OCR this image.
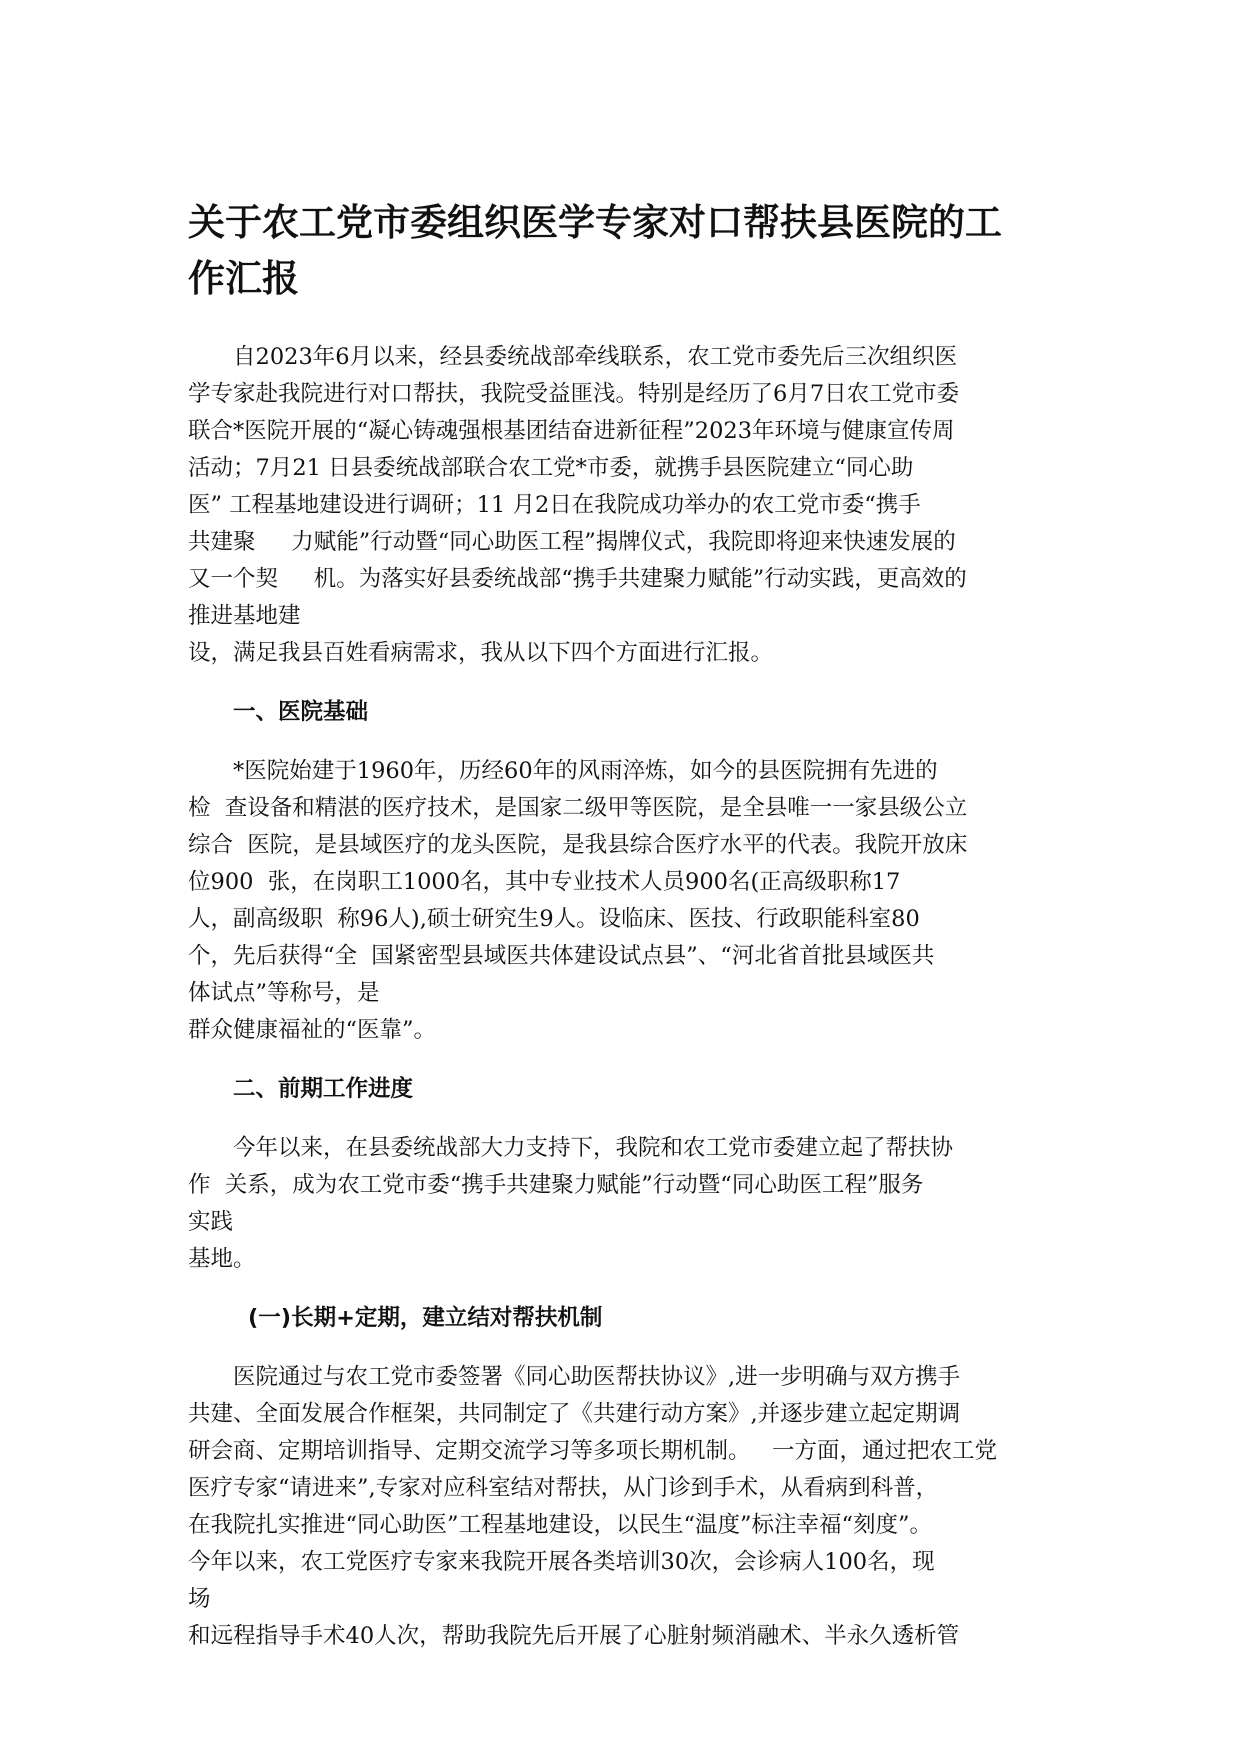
关于农工党市委组织医学专家对口帮扶县医院的工
作汇报

自2023年6月以来，经县委统战部牵线联系，农工党市委先后三次组织医

学专家赴我院进行对口帮扶，我院受益匪浅。特别是经历了6月7日农工党市委

联合*医院开展的“凝心铸魂强根基团结奋进新征程”2023年环境与健康宣传周

活动；7月21 日县委统战部联合农工党*市委，就携手县医院建立“同心助

医” 工程基地建设进行调研；11 月2日在我院成功举办的农工党市委“携手

共建聚     力赋能”行动暨“同心助医工程”揭牌仪式，我院即将迎来快速发展的

又一个契     机。为落实好县委统战部“携手共建聚力赋能”行动实践，更高效的

推进基地建

设，满足我县百姓看病需求，我从以下四个方面进行汇报。

一、医院基础

*医院始建于1960年，历经60年的风雨淬炼，如今的县医院拥有先进的

检  查设备和精湛的医疗技术，是国家二级甲等医院，是全县唯一一家县级公立

综合  医院，是县域医疗的龙头医院，是我县综合医疗水平的代表。我院开放床

位900  张，在岗职工1000名，其中专业技术人员900名(正高级职称17

人，副高级职  称96人),硕士研究生9人。设临床、医技、行政职能科室80

个，先后获得“全  国紧密型县域医共体建设试点县”、“河北省首批县域医共

体试点”等称号，是

群众健康福祉的“医靠”。

二、前期工作进度

今年以来，在县委统战部大力支持下，我院和农工党市委建立起了帮扶协

作  关系，成为农工党市委“携手共建聚力赋能”行动暨“同心助医工程”服务

实践

基地。

(一)长期+定期，建立结对帮扶机制

医院通过与农工党市委签署《同心助医帮扶协议》,进一步明确与双方携手

共建、全面发展合作框架，共同制定了《共建行动方案》,并逐步建立起定期调

研会商、定期培训指导、定期交流学习等多项长期机制。   一方面，通过把农工党

医疗专家“请进来”,专家对应科室结对帮扶，从门诊到手术，从看病到科普，

在我院扎实推进“同心助医”工程基地建设，以民生“温度”标注幸福“刻度”。

今年以来，农工党医疗专家来我院开展各类培训30次，会诊病人100名，现

场

和远程指导手术40人次，帮助我院先后开展了心脏射频消融术、半永久透析管
